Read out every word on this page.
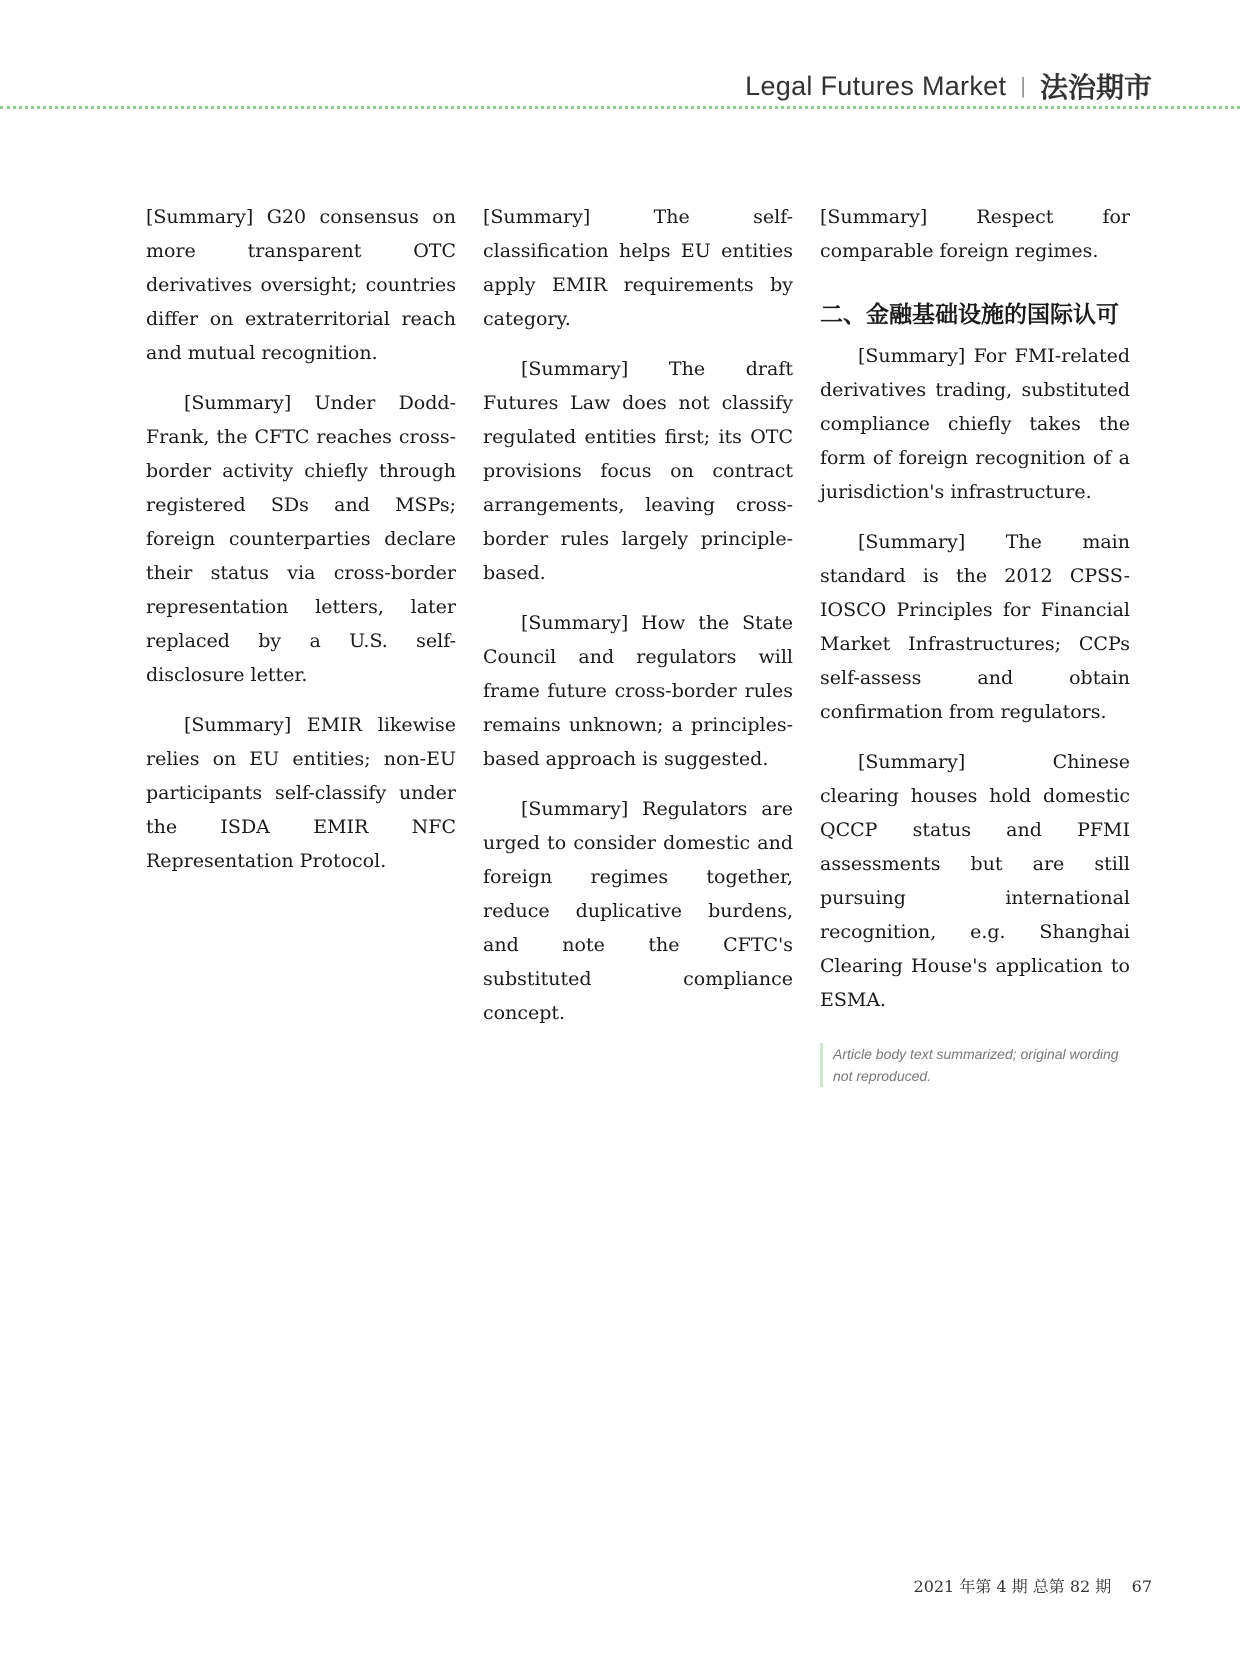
Legal Futures Market | 法治期市

[Summary] G20 consensus on more transparent OTC derivatives oversight; countries differ on extraterritorial reach and mutual recognition.

[Summary] Under Dodd-Frank, the CFTC reaches cross-border activity chiefly through registered SDs and MSPs; foreign counterparties declare their status via cross-border representation letters, later replaced by a U.S. self-disclosure letter.

[Summary] EMIR likewise relies on EU entities; non-EU participants self-classify under the ISDA EMIR NFC Representation Protocol.

[Summary] The self-classification helps EU entities apply EMIR requirements by category.

[Summary] The draft Futures Law does not classify regulated entities first; its OTC provisions focus on contract arrangements, leaving cross-border rules largely principle-based.

[Summary] How the State Council and regulators will frame future cross-border rules remains unknown; a principles-based approach is suggested.

[Summary] Regulators are urged to consider domestic and foreign regimes together, reduce duplicative burdens, and note the CFTC's substituted compliance concept.

[Summary] Respect for comparable foreign regimes.

二、金融基础设施的国际认可

[Summary] For FMI-related derivatives trading, substituted compliance chiefly takes the form of foreign recognition of a jurisdiction's infrastructure.

[Summary] The main standard is the 2012 CPSS-IOSCO Principles for Financial Market Infrastructures; CCPs self-assess and obtain confirmation from regulators.

[Summary] Chinese clearing houses hold domestic QCCP status and PFMI assessments but are still pursuing international recognition, e.g. Shanghai Clearing House's application to ESMA.

Article body text summarized; original wording not reproduced.
2021 年第 4 期 总第 82 期 67
